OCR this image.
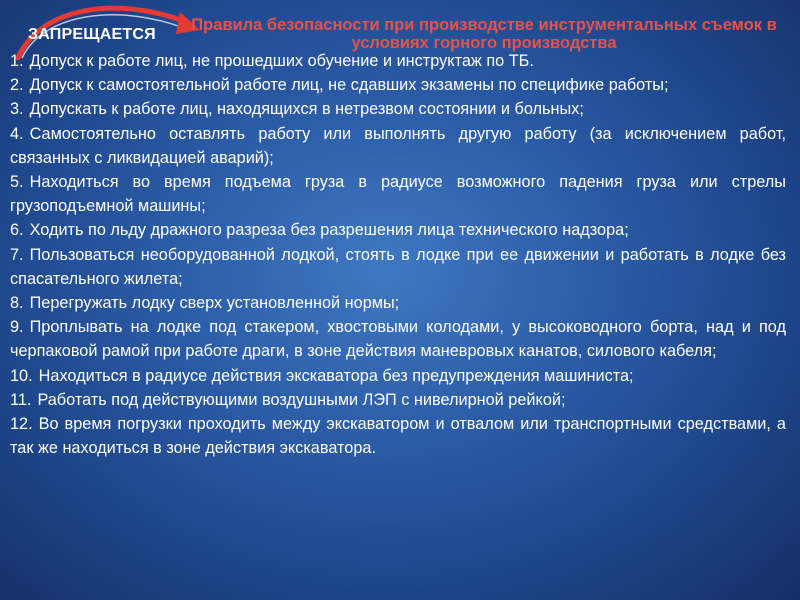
Правила безопасности при производстве инструментальных съемок в условиях горного производства
ЗАПРЕЩАЕТСЯ
1. Допуск к работе лиц, не прошедших обучение и инструктаж по ТБ.
2. Допуск к самостоятельной работе лиц, не сдавших экзамены по специфике работы;
3. Допускать к работе лиц, находящихся в нетрезвом состоянии и больных;
4. Самостоятельно оставлять работу или выполнять другую работу (за исключением работ, связанных с ликвидацией аварий);
5. Находиться во время подъема груза в радиусе возможного падения груза или стрелы грузоподъемной машины;
6. Ходить по льду дражного разреза без разрешения лица технического надзора;
7. Пользоваться необорудованной лодкой, стоять в лодке при ее движении и работать в лодке без спасательного жилета;
8. Перегружать лодку сверх установленной нормы;
9. Проплывать на лодке под стакером, хвостовыми колодами, у высоководного борта, над и под черпаковой рамой при работе драги, в зоне действия маневровых канатов, силового кабеля;
10. Находиться в радиусе действия экскаватора без предупреждения машиниста;
11. Работать под действующими воздушными ЛЭП с нивелирной рейкой;
12. Во время погрузки проходить между экскаватором и отвалом или транспортными средствами, а так же находиться в зоне действия экскаватора.
